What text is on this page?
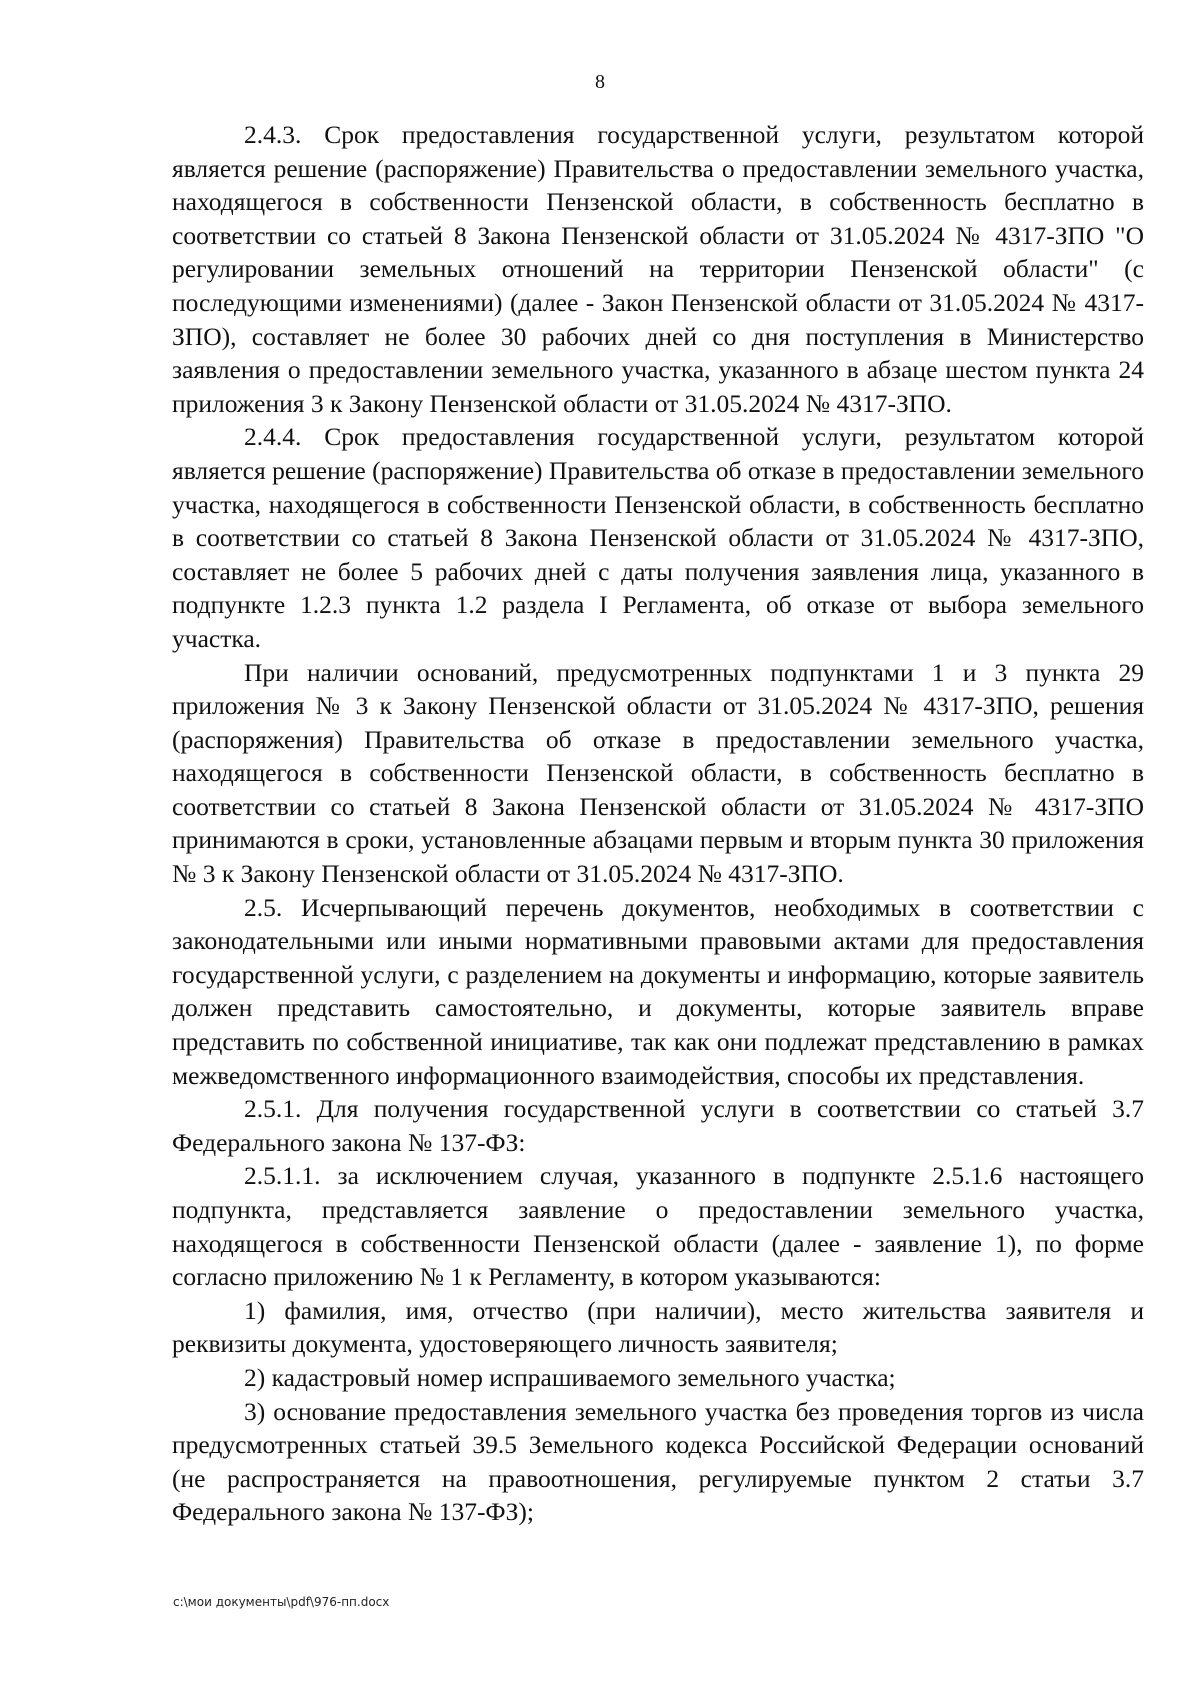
8

2.4.3. Срок предоставления государственной услуги, результатом которой является решение (распоряжение) Правительства о предоставлении земельного участка, находящегося в собственности Пензенской области, в собственность бесплатно в соответствии со статьей 8 Закона Пензенской области от 31.05.2024 № 4317-ЗПО "О регулировании земельных отношений на территории Пензенской области" (с последующими изменениями) (далее - Закон Пензенской области от 31.05.2024 № 4317-ЗПО), составляет не более 30 рабочих дней со дня поступления в Министерство заявления о предоставлении земельного участка, указанного в абзаце шестом пункта 24 приложения 3 к Закону Пензенской области от 31.05.2024 № 4317-ЗПО.

2.4.4. Срок предоставления государственной услуги, результатом которой является решение (распоряжение) Правительства об отказе в предоставлении земельного участка, находящегося в собственности Пензенской области, в собственность бесплатно в соответствии со статьей 8 Закона Пензенской области от 31.05.2024 № 4317-ЗПО, составляет не более 5 рабочих дней с даты получения заявления лица, указанного в подпункте 1.2.3 пункта 1.2 раздела I Регламента, об отказе от выбора земельного участка.

При наличии оснований, предусмотренных подпунктами 1 и 3 пункта 29 приложения № 3 к Закону Пензенской области от 31.05.2024 № 4317-ЗПО, решения (распоряжения) Правительства об отказе в предоставлении земельного участка, находящегося в собственности Пензенской области, в собственность бесплатно в соответствии со статьей 8 Закона Пензенской области от 31.05.2024 № 4317-ЗПО принимаются в сроки, установленные абзацами первым и вторым пункта 30 приложения № 3 к Закону Пензенской области от 31.05.2024 № 4317-ЗПО.

2.5. Исчерпывающий перечень документов, необходимых в соответствии с законодательными или иными нормативными правовыми актами для предоставления государственной услуги, с разделением на документы и информацию, которые заявитель должен представить самостоятельно, и документы, которые заявитель вправе представить по собственной инициативе, так как они подлежат представлению в рамках межведомственного информационного взаимодействия, способы их представления.

2.5.1. Для получения государственной услуги в соответствии со статьей 3.7 Федерального закона № 137-ФЗ:

2.5.1.1. за исключением случая, указанного в подпункте 2.5.1.6 настоящего подпункта, представляется заявление о предоставлении земельного участка, находящегося в собственности Пензенской области (далее - заявление 1), по форме согласно приложению № 1 к Регламенту, в котором указываются:

1) фамилия, имя, отчество (при наличии), место жительства заявителя и реквизиты документа, удостоверяющего личность заявителя;

2) кадастровый номер испрашиваемого земельного участка;

3) основание предоставления земельного участка без проведения торгов из числа предусмотренных статьей 39.5 Земельного кодекса Российской Федерации оснований (не распространяется на правоотношения, регулируемые пунктом 2 статьи 3.7 Федерального закона № 137-ФЗ);

c:\мои документы\pdf\976-пп.docx
